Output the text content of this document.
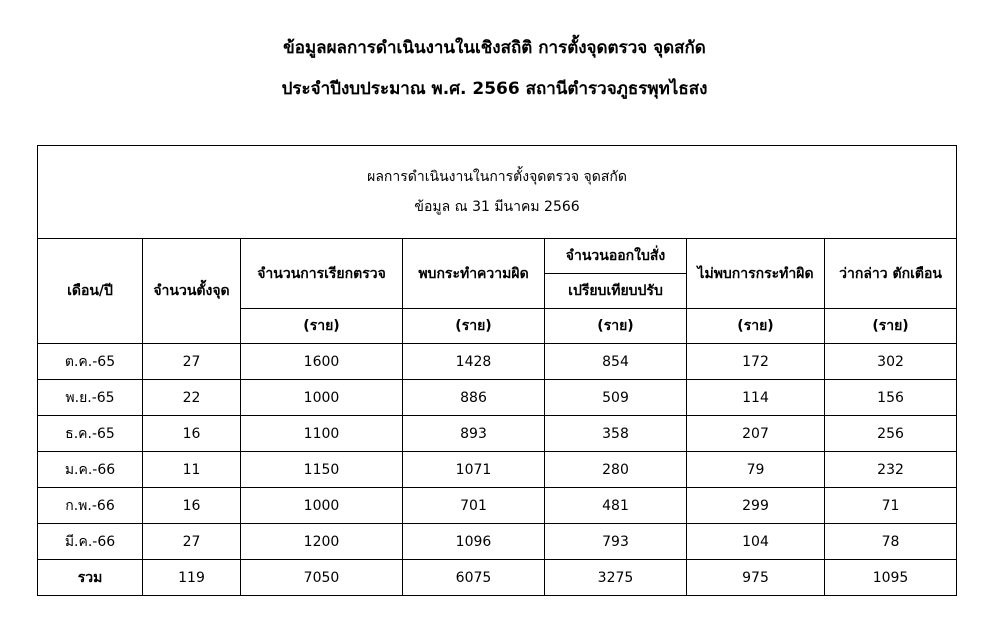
ข้อมูลผลการดำเนินงานในเชิงสถิติ การตั้งจุดตรวจ จุดสกัด
ประจำปีงบประมาณ พ.ศ. 2566 สถานีตำรวจภูธรพุทไธสง
ผลการดำเนินงานในการตั้งจุดตรวจ จุดสกัด
ข้อมูล ณ 31 มีนาคม 2566						

เดือน/ปี	จำนวนตั้งจุด	จำนวนการเรียกตรวจ	พบกระทำความผิด	จำนวนออกใบสั่ง	ไม่พบการกระทำผิด	ว่ากล่าว ตักเตือน
				เปรียบเทียบปรับ		
		(ราย)	(ราย)	(ราย)	(ราย)	(ราย)
ต.ค.-65	27	1600	1428	854	172	302
พ.ย.-65	22	1000	886	509	114	156
ธ.ค.-65	16	1100	893	358	207	256
ม.ค.-66	11	1150	1071	280	79	232
ก.พ.-66	16	1000	701	481	299	71
มี.ค.-66	27	1200	1096	793	104	78
รวม	119	7050	6075	3275	975	1095
